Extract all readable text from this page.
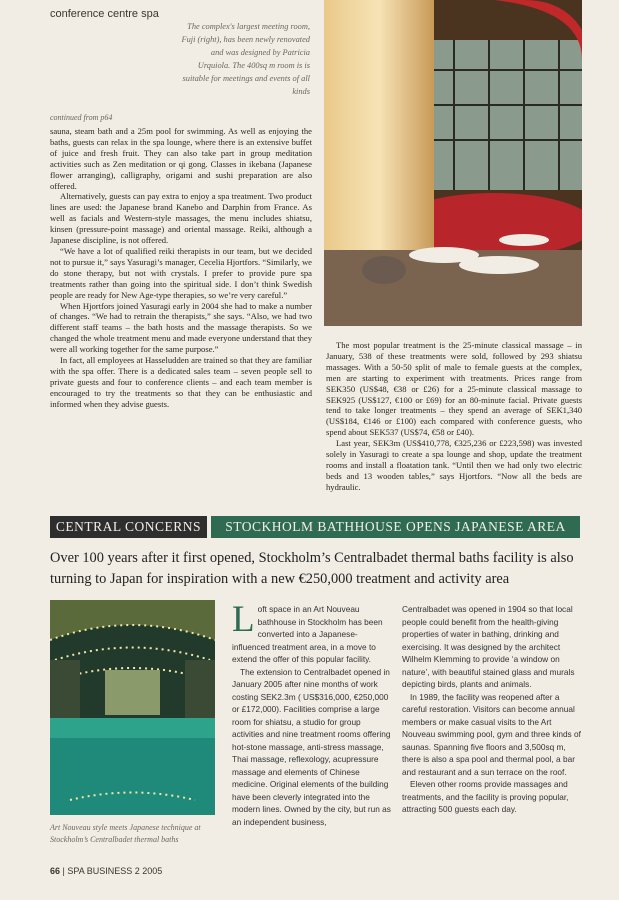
conference centre spa
The complex's largest meeting room, Fuji (right), has been newly renovated and was designed by Patricia Urquiola. The 400sq m room is is suitable for meetings and events of all kinds
continued from p64

sauna, steam bath and a 25m pool for swimming. As well as enjoying the baths, guests can relax in the spa lounge, where there is an extensive buffet of juice and fresh fruit. They can also take part in group meditation activities such as Zen meditation or qi gong. Classes in ikebana (Japanese flower arranging), calligraphy, origami and sushi preparation are also offered.

Alternatively, guests can pay extra to enjoy a spa treatment. Two product lines are used: the Japanese brand Kanebo and Darphin from France. As well as facials and Western-style massages, the menu includes shiatsu, kinsen (pressure-point massage) and oriental massage. Reiki, although a Japanese discipline, is not offered.

“We have a lot of qualified reiki therapists in our team, but we decided not to pursue it,” says Yasuragi’s manager, Cecelia Hjortfors. “Similarly, we do stone therapy, but not with crystals. I prefer to provide pure spa treatments rather than going into the spiritual side. I don’t think Swedish people are ready for New Age-type therapies, so we’re very careful.”

When Hjortfors joined Yasuragi early in 2004 she had to make a number of changes. “We had to retrain the therapists,” she says. “Also, we had two different staff teams – the bath hosts and the massage therapists. So we changed the whole treatment menu and made everyone understand that they were all working together for the same purpose.”

In fact, all employees at Hasseludden are trained so that they are familiar with the spa offer. There is a dedicated sales team – seven people sell to private guests and four to conference clients – and each team member is encouraged to try the treatments so that they can be enthusiastic and informed when they advise guests.

The most popular treatment is the 25-minute classical massage – in January, 538 of these treatments were sold, followed by 293 shiatsu massages. With a 50-50 split of male to female guests at the complex, men are starting to experiment with treatments. Prices range from SEK350 (US$48, €38 or £26) for a 25-minute classical massage to SEK925 (US$127, €100 or £69) for an 80-minute facial. Private guests tend to take longer treatments – they spend an average of SEK1,340 (US$184, €146 or £100) each compared with conference guests, who spend about SEK537 (US$74, €58 or £40).

Last year, SEK3m (US$410,778, €325,236 or £223,598) was invested solely in Yasuragi to create a spa lounge and shop, update the treatment rooms and install a floatation tank. “Until then we had only two electric beds and 13 wooden tables,” says Hjortfors. “Now all the beds are hydraulic.

CENTRAL CONCERNS	STOCKHOLM BATHHOUSE OPENS JAPANESE AREA
Over 100 years after it first opened, Stockholm’s Centralbadet thermal baths facility is also turning to Japan for inspiration with a new €250,000 treatment and activity area

Loft space in an Art Nouveau bathhouse in Stockholm has been converted into a Japanese-influenced treatment area, in a move to extend the offer of this popular facility.

The extension to Centralbadet opened in January 2005 after nine months of work costing SEK2.3m ( US$316,000, €250,000 or £172,000). Facilities comprise a large room for shiatsu, a studio for group activities and nine treatment rooms offering hot-stone massage, anti-stress massage, Thai massage, reflexology, acupressure massage and elements of Chinese medicine. Original elements of the building have been cleverly integrated into the modern lines. Owned by the city, but run as an independent business,

Centralbadet was opened in 1904 so that local people could benefit from the health-giving properties of water in bathing, drinking and exercising. It was designed by the architect Wilhelm Klemming to provide ‘a window on nature’, with beautiful stained glass and murals depicting birds, plants and animals.

In 1989, the facility was reopened after a careful restoration. Visitors can become annual members or make casual visits to the Art Nouveau swimming pool, gym and three kinds of saunas. Spanning five floors and 3,500sq m, there is also a spa pool and thermal pool, a bar and restaurant and a sun terrace on the roof.

Eleven other rooms provide massages and treatments, and the facility is proving popular, attracting 500 guests each day.

Art Nouveau style meets Japanese technique at Stockholm’s Centralbadet thermal baths
66 | SPA BUSINESS 2 2005
